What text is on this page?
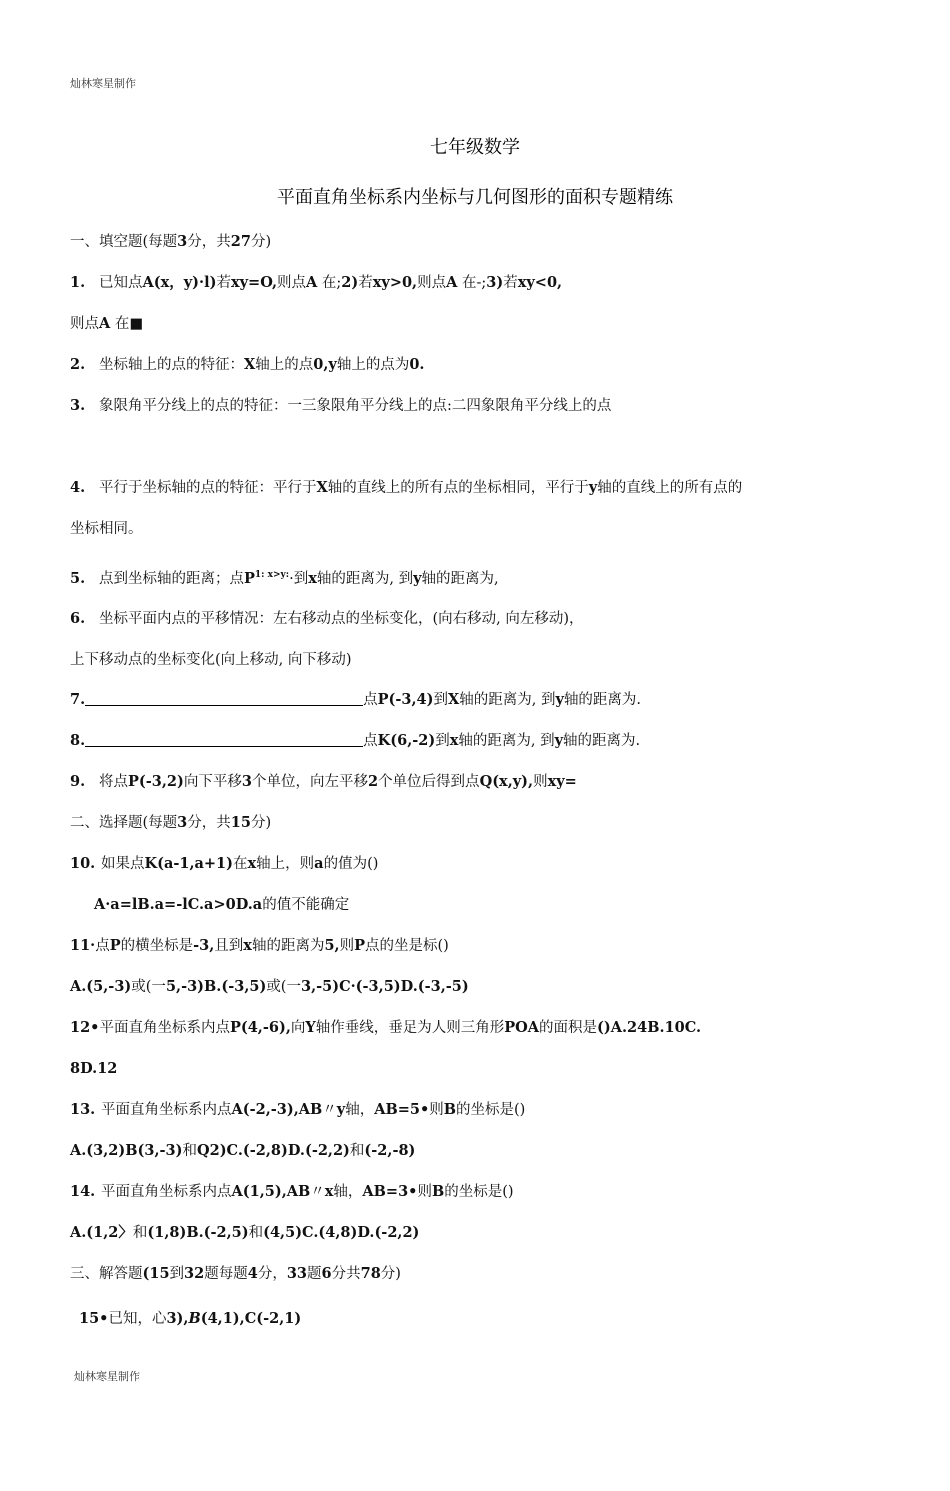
灿林寒星制作
七年级数学
平面直角坐标系内坐标与几何图形的面积专题精练
一、填空题(每题3分，共27分)
1. 已知点A(x，y)·l)若xy=O,则点A 在;2)若xy>0,则点A 在-;3)若xy<0,
则点A 在■
2. 坐标轴上的点的特征：X轴上的点0,y轴上的点为0.
3. 象限角平分线上的点的特征：一三象限角平分线上的点:二四象限角平分线上的点
4. 平行于坐标轴的点的特征：平行于X轴的直线上的所有点的坐标相同，平行于y轴的直线上的所有点的
坐标相同。
5. 点到坐标轴的距离；点$P^{1: x>y:}\cdot$到x轴的距离为, 到y轴的距离为,
6. 坐标平面内点的平移情况：左右移动点的坐标变化，(向右移动, 向左移动)，
上下移动点的坐标变化(向上移动, 向下移动)
7.	点P(-3,4)到X轴的距离为, 到y轴的距离为.
8.	点K(6,-2)到x轴的距离为, 到y轴的距离为.
9. 将点P(-3,2)向下平移3个单位，向左平移2个单位后得到点Q(x,y),则xy=
二、选择题(每题3分，共15分)
10. 如果点K(a-1,a+1)在x轴上，则a的值为()
A·a=lB.a=-lC.a>0D.a的值不能确定
11·点P的横坐标是-3,且到x轴的距离为5,则P点的坐是标()
A.(5,-3)或(一5,-3)B.(-3,5)或(一3,-5)C·(-3,5)D.(-3,-5)
12•平面直角坐标系内点P(4,-6),向Y轴作垂线，垂足为人则三角形POA的面积是()A.24B.10C.
8D.12
13. 平面直角坐标系内点A(-2,-3),AB〃y轴，AB=5•则B的坐标是()
A.(3,2)B(3,-3)和Q2)C.(-2,8)D.(-2,2)和(-2,-8)
14. 平面直角坐标系内点A(1,5),AB〃x轴，AB=3•则B的坐标是()
A.(1,2〉和(1,8)B.(-2,5)和(4,5)C.(4,8)D.(-2,2)
三、解答题(15到32题每题4分，33题6分共78分)
15•已知，心3),B(4,1),C(-2,1)
灿林寒星制作
